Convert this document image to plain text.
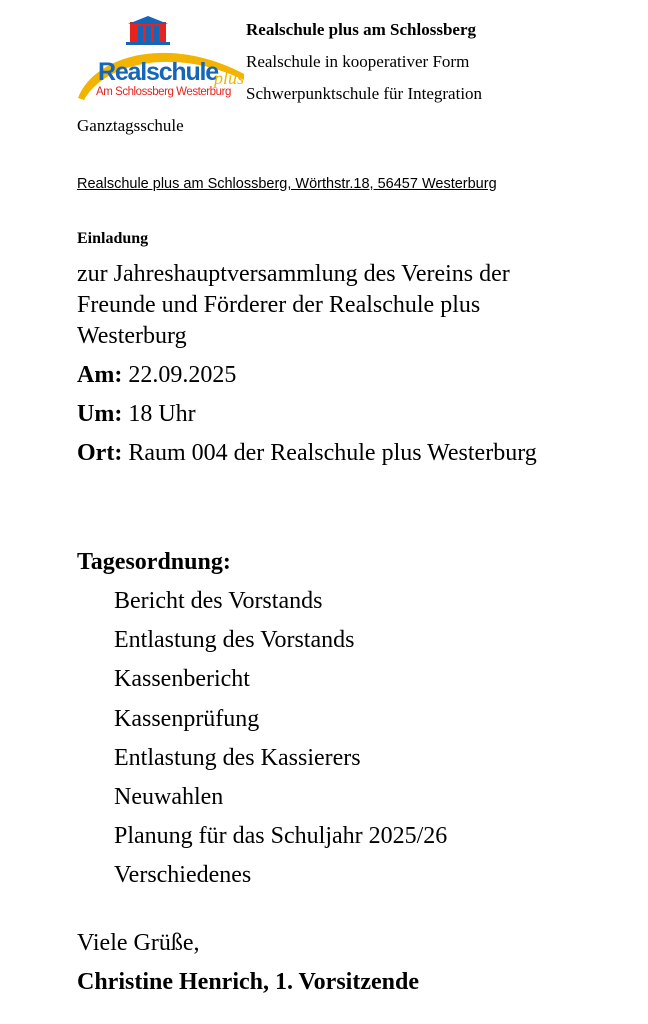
Realschule
plus
Am Schlossberg Westerburg
Realschule plus am Schlossberg
Realschule in kooperativer Form
Schwerpunktschule für Integration
Ganztagsschule
Realschule plus am Schlossberg, Wörthstr.18, 56457 Westerburg
Einladung
zur Jahreshauptversammlung des Vereins der Freunde und Förderer der Realschule plus Westerburg
Am: 22.09.2025
Um: 18 Uhr
Ort: Raum 004 der Realschule plus Westerburg
Tagesordnung:
Bericht des Vorstands
Entlastung des Vorstands
Kassenbericht
Kassenprüfung
Entlastung des Kassierers
Neuwahlen
Planung für das Schuljahr 2025/26
Verschiedenes
Viele Grüße,
Christine Henrich, 1. Vorsitzende
